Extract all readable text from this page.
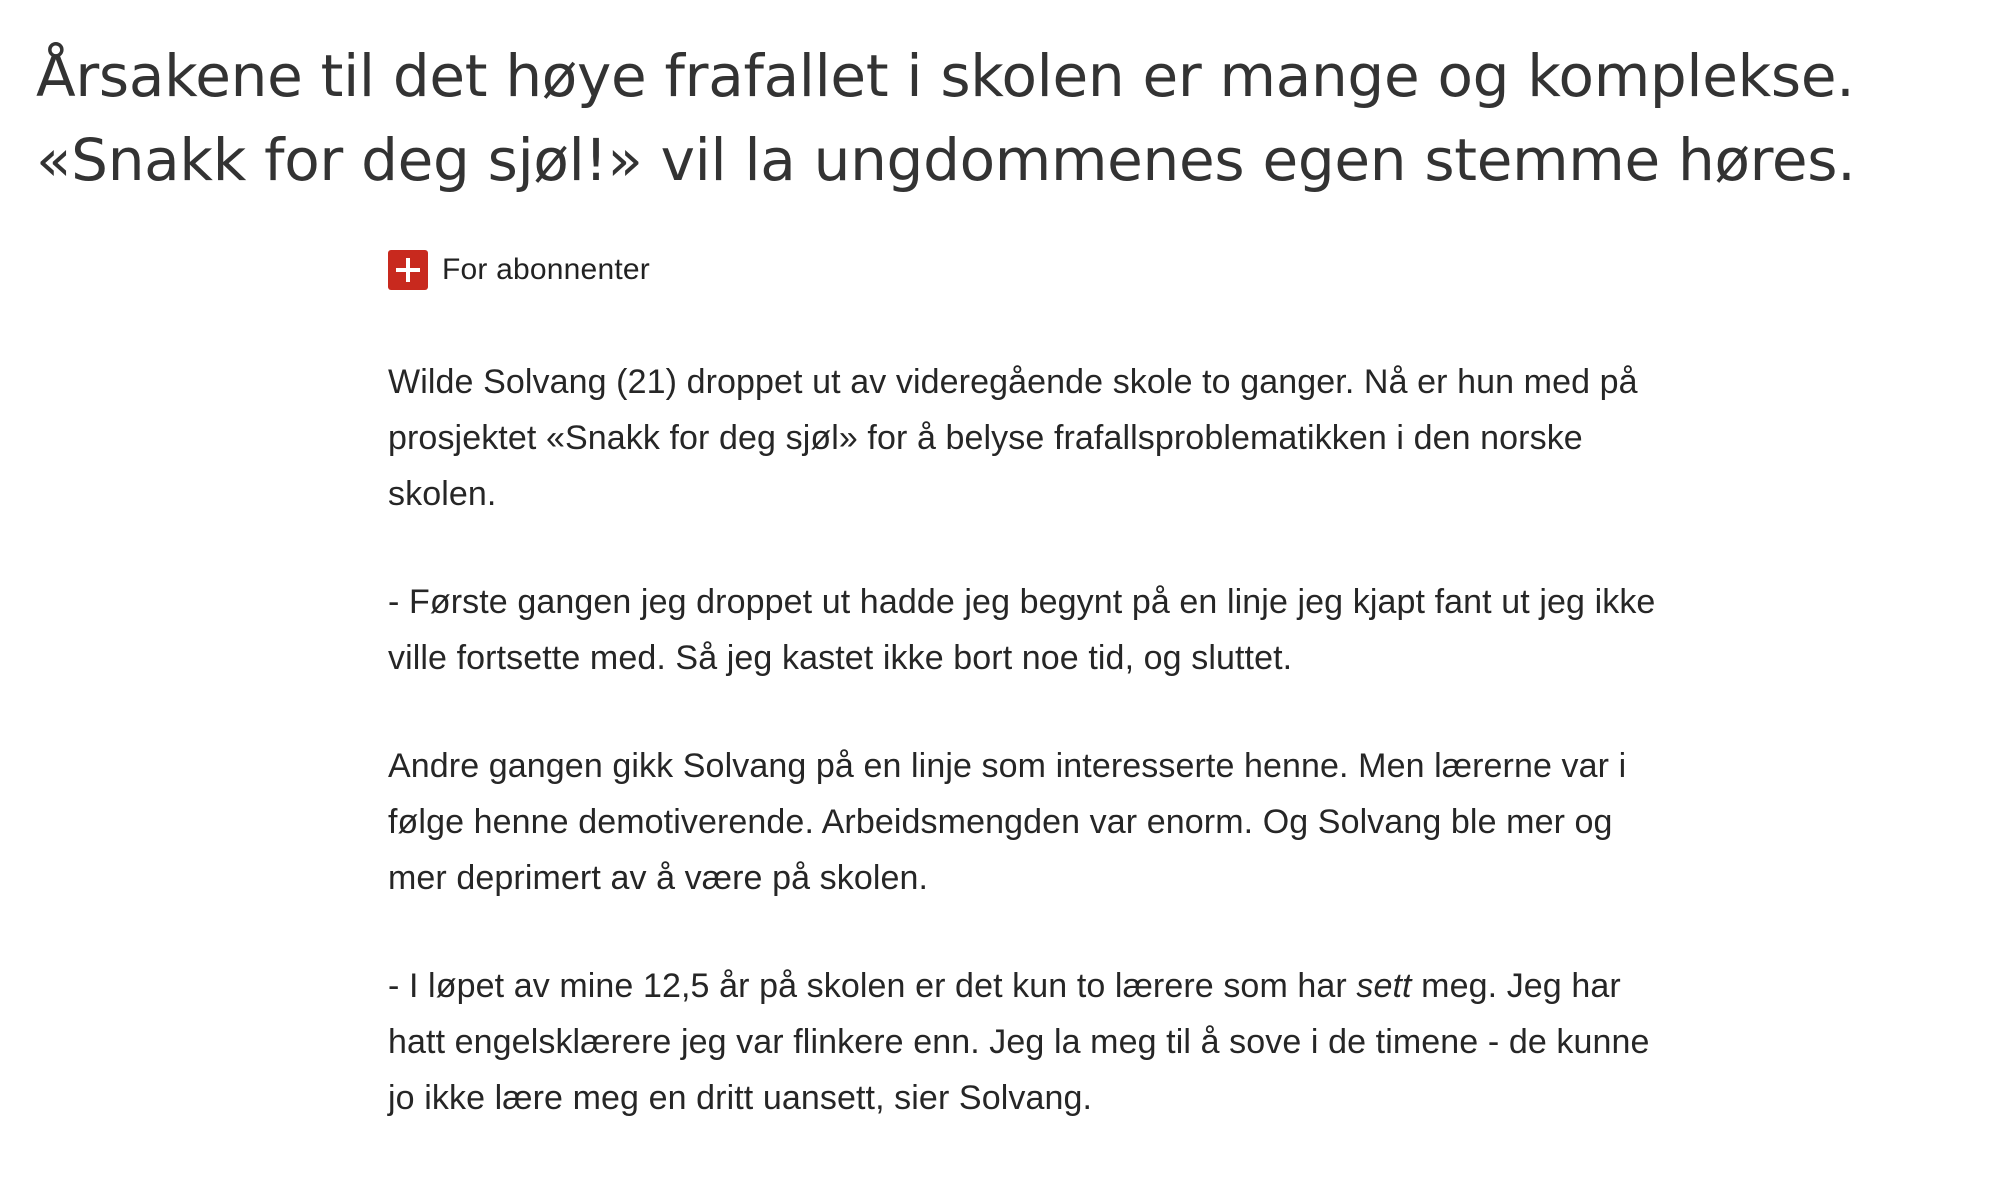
Årsakene til det høye frafallet i skolen er mange og komplekse. «Snakk for deg sjøl!» vil la ungdommenes egen stemme høres.
For abonnenter

Wilde Solvang (21) droppet ut av videregående skole to ganger. Nå er hun med på prosjektet «Snakk for deg sjøl» for å belyse frafallsproblematikken i den norske skolen.

- Første gangen jeg droppet ut hadde jeg begynt på en linje jeg kjapt fant ut jeg ikke ville fortsette med. Så jeg kastet ikke bort noe tid, og sluttet.

Andre gangen gikk Solvang på en linje som interesserte henne. Men lærerne var i følge henne demotiverende. Arbeidsmengden var enorm. Og Solvang ble mer og mer deprimert av å være på skolen.

- I løpet av mine 12,5 år på skolen er det kun to lærere som har sett meg. Jeg har hatt engelsklærere jeg var flinkere enn. Jeg la meg til å sove i de timene - de kunne jo ikke lære meg en dritt uansett, sier Solvang.
